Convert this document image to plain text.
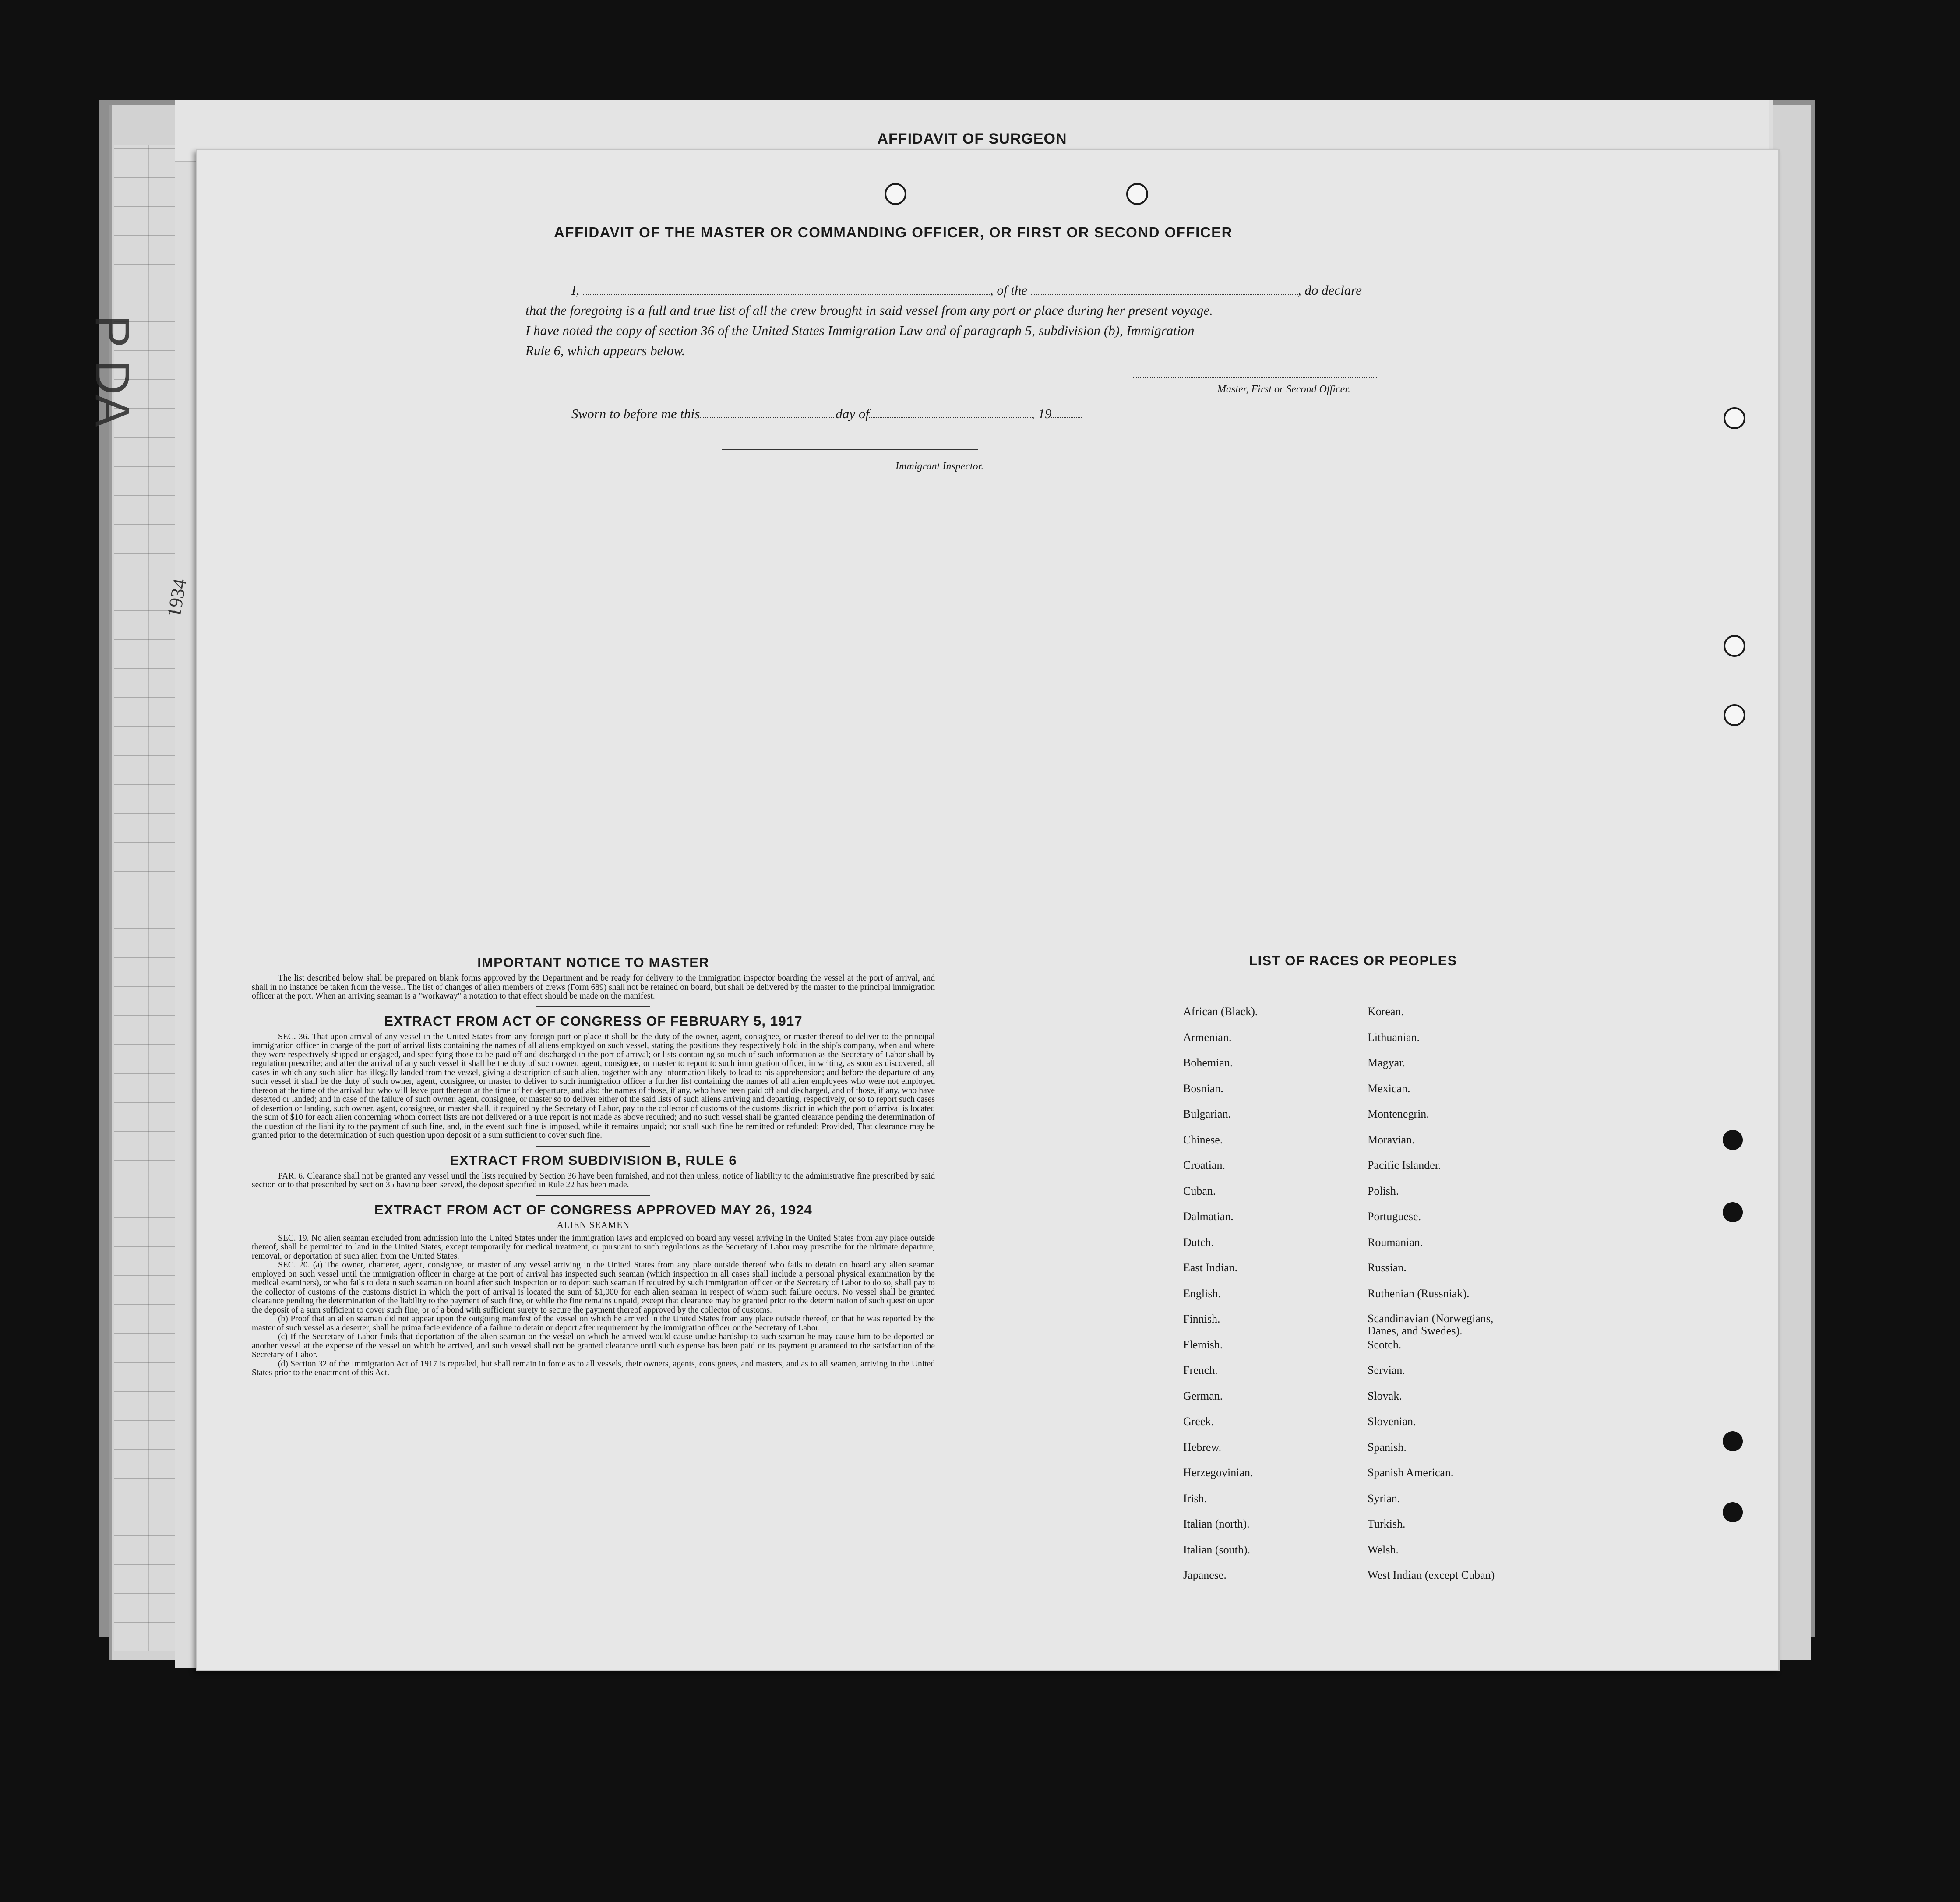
AFFIDAVIT OF SURGEON
P DA
1934
AFFIDAVIT OF THE MASTER OR COMMANDING OFFICER, OR FIRST OR SECOND OFFICER
I,	, of the	, do declare
that the foregoing is a full and true list of all the crew brought in said vessel from any port or place during her present voyage.
I have noted the copy of section 36 of the United States Immigration Law and of paragraph 5, subdivision (b), Immigration
Rule 6, which appears below.
Master, First or Second Officer.
Sworn to before me this	day of	, 19
Immigrant Inspector.
IMPORTANT NOTICE TO MASTER

The list described below shall be prepared on blank forms approved by the Department and be ready for delivery to the immigration inspector boarding the vessel at the port of arrival, and shall in no instance be taken from the vessel. The list of changes of alien members of crews (Form 689) shall not be retained on board, but shall be delivered by the master to the principal immigration officer at the port. When an arriving seaman is a "workaway" a notation to that effect should be made on the manifest.

EXTRACT FROM ACT OF CONGRESS OF FEBRUARY 5, 1917

SEC. 36. That upon arrival of any vessel in the United States from any foreign port or place it shall be the duty of the owner, agent, consignee, or master thereof to deliver to the principal immigration officer in charge of the port of arrival lists containing the names of all aliens employed on such vessel, stating the positions they respectively hold in the ship's company, when and where they were respectively shipped or engaged, and specifying those to be paid off and discharged in the port of arrival; or lists containing so much of such information as the Secretary of Labor shall by regulation prescribe; and after the arrival of any such vessel it shall be the duty of such owner, agent, consignee, or master to report to such immigration officer, in writing, as soon as discovered, all cases in which any such alien has illegally landed from the vessel, giving a description of such alien, together with any information likely to lead to his apprehension; and before the departure of any such vessel it shall be the duty of such owner, agent, consignee, or master to deliver to such immigration officer a further list containing the names of all alien employees who were not employed thereon at the time of the arrival but who will leave port thereon at the time of her departure, and also the names of those, if any, who have been paid off and discharged, and of those, if any, who have deserted or landed; and in case of the failure of such owner, agent, consignee, or master so to deliver either of the said lists of such aliens arriving and departing, respectively, or so to report such cases of desertion or landing, such owner, agent, consignee, or master shall, if required by the Secretary of Labor, pay to the collector of customs of the customs district in which the port of arrival is located the sum of $10 for each alien concerning whom correct lists are not delivered or a true report is not made as above required; and no such vessel shall be granted clearance pending the determination of the question of the liability to the payment of such fine, and, in the event such fine is imposed, while it remains unpaid; nor shall such fine be remitted or refunded: Provided, That clearance may be granted prior to the determination of such question upon deposit of a sum sufficient to cover such fine.

EXTRACT FROM SUBDIVISION B, RULE 6

PAR. 6. Clearance shall not be granted any vessel until the lists required by Section 36 have been furnished, and not then unless, notice of liability to the administrative fine prescribed by said section or to that prescribed by section 35 having been served, the deposit specified in Rule 22 has been made.

EXTRACT FROM ACT OF CONGRESS APPROVED MAY 26, 1924
ALIEN SEAMEN

SEC. 19. No alien seaman excluded from admission into the United States under the immigration laws and employed on board any vessel arriving in the United States from any place outside thereof, shall be permitted to land in the United States, except temporarily for medical treatment, or pursuant to such regulations as the Secretary of Labor may prescribe for the ultimate departure, removal, or deportation of such alien from the United States.

SEC. 20. (a) The owner, charterer, agent, consignee, or master of any vessel arriving in the United States from any place outside thereof who fails to detain on board any alien seaman employed on such vessel until the immigration officer in charge at the port of arrival has inspected such seaman (which inspection in all cases shall include a personal physical examination by the medical examiners), or who fails to detain such seaman on board after such inspection or to deport such seaman if required by such immigration officer or the Secretary of Labor to do so, shall pay to the collector of customs of the customs district in which the port of arrival is located the sum of $1,000 for each alien seaman in respect of whom such failure occurs. No vessel shall be granted clearance pending the determination of the liability to the payment of such fine, or while the fine remains unpaid, except that clearance may be granted prior to the determination of such question upon the deposit of a sum sufficient to cover such fine, or of a bond with sufficient surety to secure the payment thereof approved by the collector of customs.

(b) Proof that an alien seaman did not appear upon the outgoing manifest of the vessel on which he arrived in the United States from any place outside thereof, or that he was reported by the master of such vessel as a deserter, shall be prima facie evidence of a failure to detain or deport after requirement by the immigration officer or the Secretary of Labor.

(c) If the Secretary of Labor finds that deportation of the alien seaman on the vessel on which he arrived would cause undue hardship to such seaman he may cause him to be deported on another vessel at the expense of the vessel on which he arrived, and such vessel shall not be granted clearance until such expense has been paid or its payment guaranteed to the satisfaction of the Secretary of Labor.

(d) Section 32 of the Immigration Act of 1917 is repealed, but shall remain in force as to all vessels, their owners, agents, consignees, and masters, and as to all seamen, arriving in the United States prior to the enactment of this Act.

LIST OF RACES OR PEOPLES
African (Black).
Armenian.
Bohemian.
Bosnian.
Bulgarian.
Chinese.
Croatian.
Cuban.
Dalmatian.
Dutch.
East Indian.
English.
Finnish.
Flemish.
French.
German.
Greek.
Hebrew.
Herzegovinian.
Irish.
Italian (north).
Italian (south).
Japanese.
Korean.
Lithuanian.
Magyar.
Mexican.
Montenegrin.
Moravian.
Pacific Islander.
Polish.
Portuguese.
Roumanian.
Russian.
Ruthenian (Russniak).
Scandinavian (Norwegians, Danes, and Swedes).
Scotch.
Servian.
Slovak.
Slovenian.
Spanish.
Spanish American.
Syrian.
Turkish.
Welsh.
West Indian (except Cuban)
